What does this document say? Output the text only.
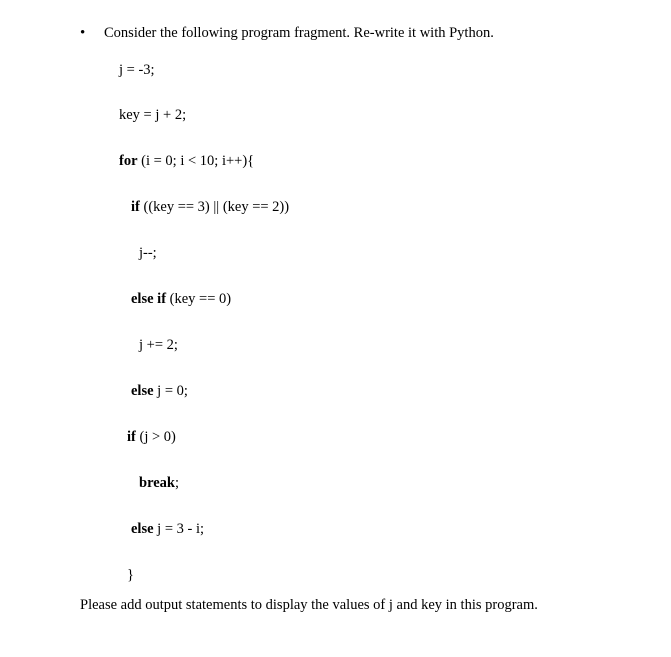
• Consider the following program fragment. Re-write it with Python.
j = -3;
key = j + 2;
for (i = 0; i < 10; i++){
if ((key == 3) || (key == 2))
j--;
else if (key == 0)
j += 2;
else j = 0;
if (j > 0)
break;
else j = 3 - i;
}
Please add output statements to display the values of j and key in this program.
